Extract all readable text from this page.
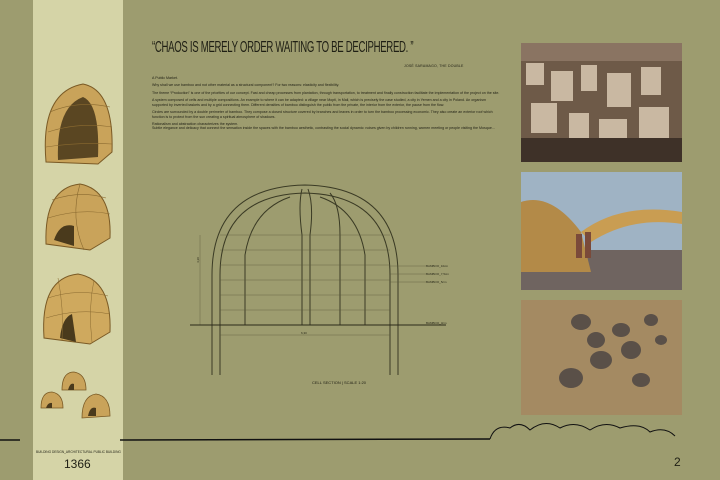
“CHAOS IS MERELY ORDER WAITING TO BE DECIPHERED. ”
JOSÉ SARAMAGO, THE DOUBLE

A Public Market.

Why shall we use bamboo and not other material as a structural component? For two reasons: elasticity and flexibility.

The theme “Production” is one of the priorities of our concept. Fast and cheap processes from plantation, through transportation, to treatment and finally construction facilitate the implementation of the project on the site.

A system composed of cells and multiple compositions. An example to where it can be adapted: a village near Mopti, in Mali, which is precisely the case studied, a city in Yemen and a city in Poland. An organism supported by inverted baskets and by a grid connecting them. Different densities of bamboo distinguish the public from the private, the interior from the exterior, the pause from the flow.

Circles are surrounded by a double perimeter of bamboo. They compose a closed structure covered by branches and leaves in order to turn the bamboo processing economic. They also create an exterior roof which function is to protect from the sun creating a spiritual atmosphere of shadows.

Rationalism and abstraction characterizes the system.
Subtle elegance and delicacy that connect the sensation inside the spaces with the bamboo aesthetic, contrasting the social dynamic: noises given by children running, women meeting or people visiting the Mosque...

BAMBOO_10cm
BAMBOO_7,5cm
BAMBOO_5cm
BAMBOO_3cm
6,30
4,20
CELL SECTION | SCALE 1:20
BUILDING DESIGN_ARCHITECTURAL PUBLIC BUILDING
1366	2
